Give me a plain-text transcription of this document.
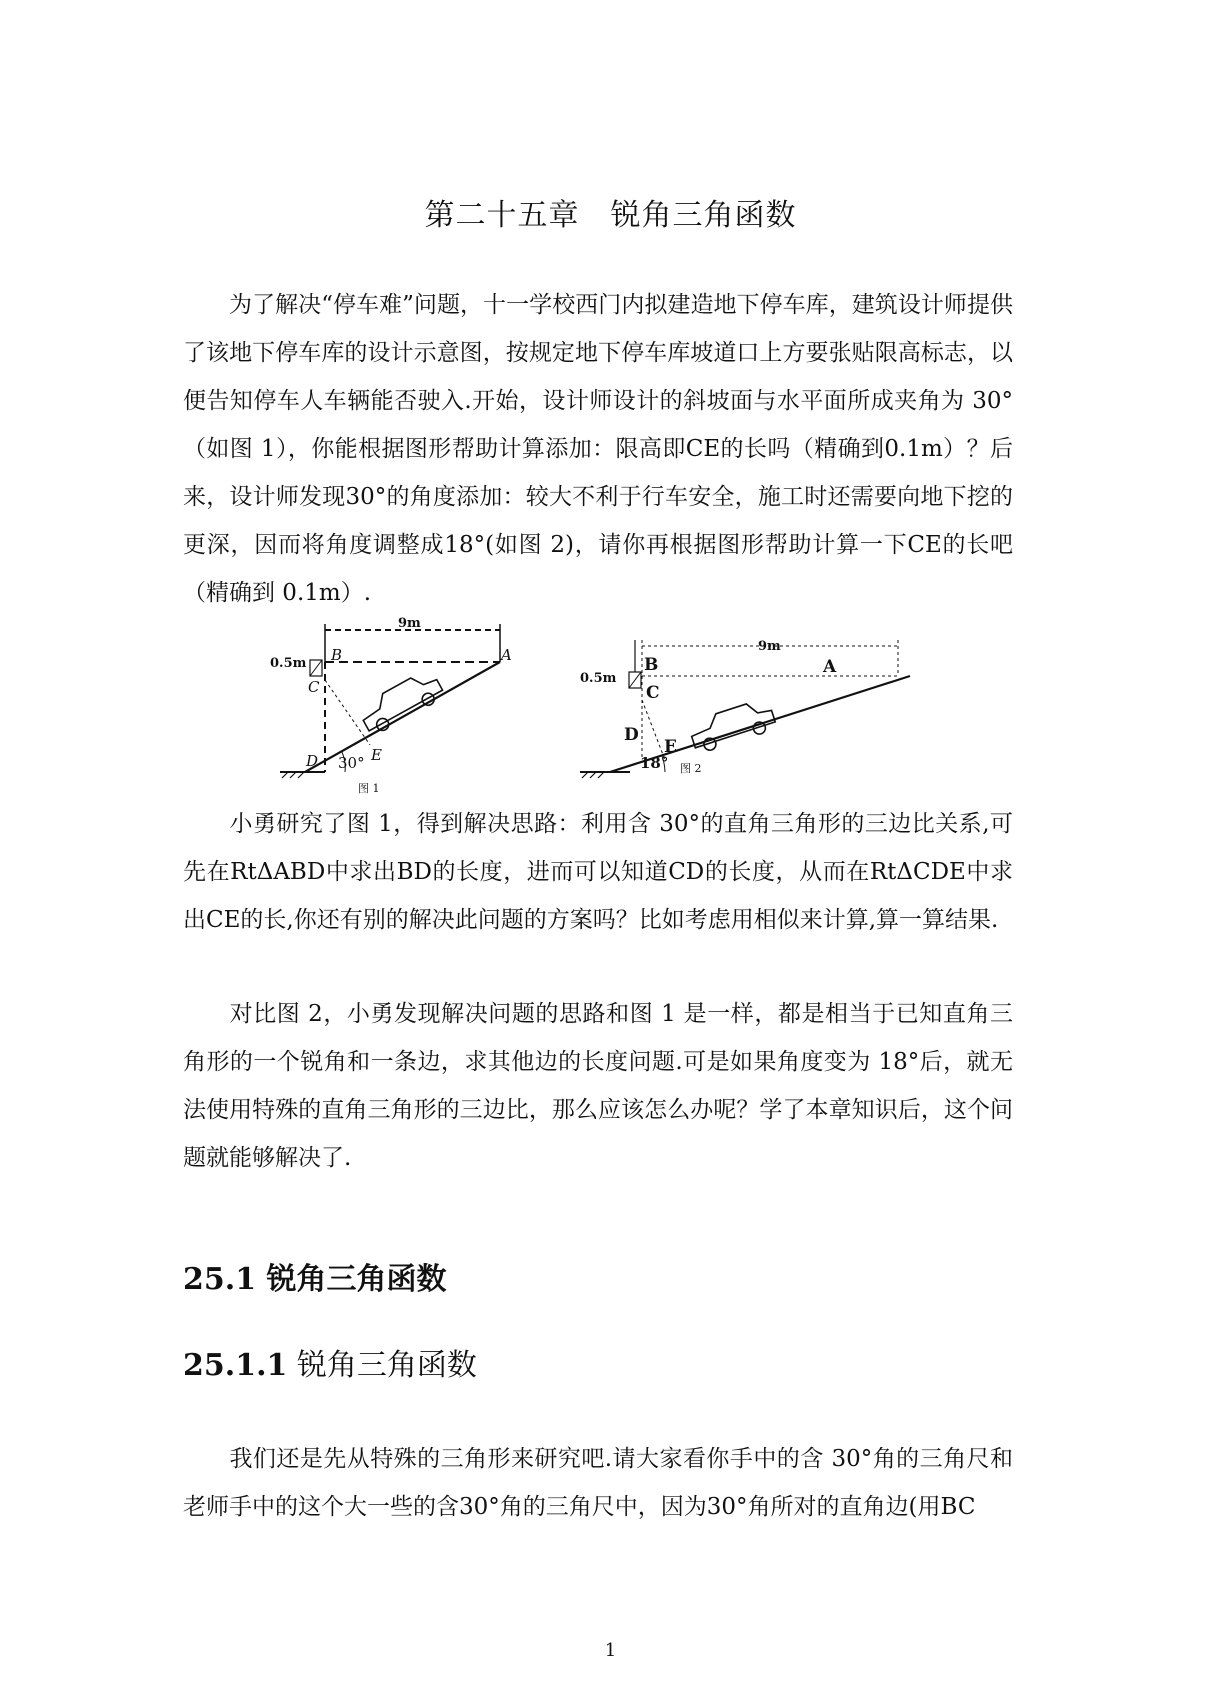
第二十五章　锐角三角函数
为了解决“停车难”问题，十一学校西门内拟建造地下停车库，建筑设计师提供了该地下停车库的设计示意图，按规定地下停车库坡道口上方要张贴限高标志，以便告知停车人车辆能否驶入.开始，设计师设计的斜坡面与水平面所成夹角为 30°（如图 1），你能根据图形帮助计算添加：限高即CE的长吗（精确到0.1m）？后来，设计师发现30°的角度添加：较大不利于行车安全，施工时还需要向地下挖的更深，因而将角度调整成18°(如图 2)，请你再根据图形帮助计算一下CE的长吧（精确到 0.1m）.
0.5m
9m
B	A
C
D	E
30°
图 1
0.5m
9m
B	A
C
D
E
18° 图 2
小勇研究了图 1，得到解决思路：利用含 30°的直角三角形的三边比关系,可先在RtΔABD中求出BD的长度，进而可以知道CD的长度，从而在RtΔCDE中求出CE的长,你还有别的解决此问题的方案吗？比如考虑用相似来计算,算一算结果.
对比图 2，小勇发现解决问题的思路和图 1 是一样，都是相当于已知直角三角形的一个锐角和一条边，求其他边的长度问题.可是如果角度变为 18°后，就无法使用特殊的直角三角形的三边比，那么应该怎么办呢？学了本章知识后，这个问题就能够解决了.
25.1 锐角三角函数
25.1.1 锐角三角函数
我们还是先从特殊的三角形来研究吧.请大家看你手中的含 30°角的三角尺和老师手中的这个大一些的含30°角的三角尺中，因为30°角所对的直角边(用BC
1
